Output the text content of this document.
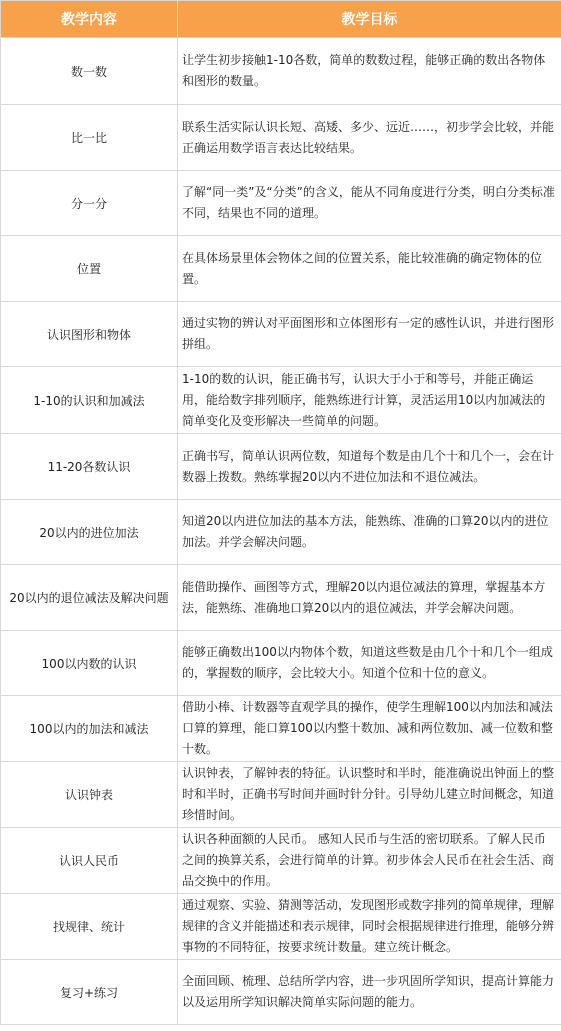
教学内容	教学目标
数一数	让学生初步接触1-10各数，简单的数数过程，能够正确的数出各物体和图形的数量。
比一比	联系生活实际认识长短、高矮、多少、远近……，初步学会比较，并能正确运用数学语言表达比较结果。
分一分	了解“同一类”及“分类”的含义，能从不同角度进行分类，明白分类标准不同，结果也不同的道理。
位置	在具体场景里体会物体之间的位置关系，能比较准确的确定物体的位置。
认识图形和物体	通过实物的辨认对平面图形和立体图形有一定的感性认识，并进行图形拼组。
1-10的认识和加减法	1-10的数的认识，能正确书写，认识大于小于和等号，并能正确运用，能给数字排列顺序，能熟练进行计算，灵活运用10以内加减法的简单变化及变形解决一些简单的问题。
11-20各数认识	正确书写，简单认识两位数，知道每个数是由几个十和几个一，会在计数器上拨数。熟练掌握20以内不进位加法和不退位减法。
20以内的进位加法	知道20以内进位加法的基本方法，能熟练、准确的口算20以内的进位加法。并学会解决问题。
20以内的退位减法及解决问题	能借助操作、画图等方式，理解20以内退位减法的算理，掌握基本方法，能熟练、准确地口算20以内的退位减法，并学会解决问题。
100以内数的认识	能够正确数出100以内物体个数，知道这些数是由几个十和几个一组成的，掌握数的顺序，会比较大小。知道个位和十位的意义。
100以内的加法和减法	借助小棒、计数器等直观学具的操作，使学生理解100以内加法和减法口算的算理，能口算100以内整十数加、减和两位数加、减一位数和整十数。
认识钟表	认识钟表，了解钟表的特征。认识整时和半时，能准确说出钟面上的整时和半时，正确书写时间并画时针分针。引导幼儿建立时间概念，知道珍惜时间。
认识人民币	认识各种面额的人民币。 感知人民币与生活的密切联系。了解人民币之间的换算关系，会进行简单的计算。初步体会人民币在社会生活、商品交换中的作用。
找规律、统计	通过观察、实验、猜测等活动，发现图形或数字排列的简单规律，理解规律的含义并能描述和表示规律，同时会根据规律进行推理，能够分辨事物的不同特征，按要求统计数量。建立统计概念。
复习+练习	全面回顾、梳理、总结所学内容，进一步巩固所学知识，提高计算能力以及运用所学知识解决简单实际问题的能力。
